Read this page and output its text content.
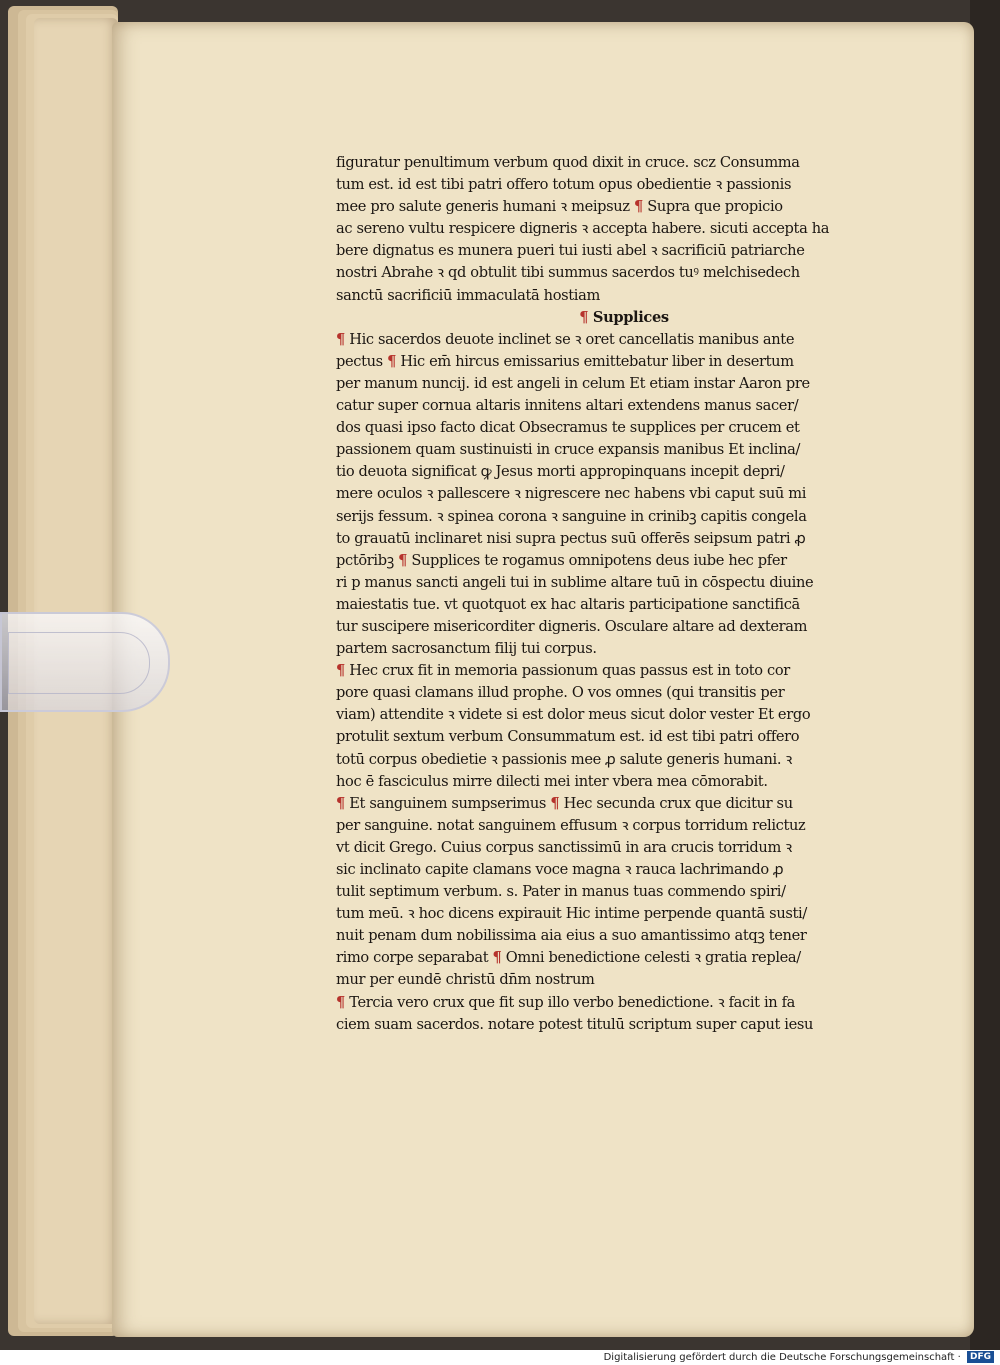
figuratur penultimum verbum quod dixit in cruce. scz Consumma
tum est. id est tibi patri offero totum opus obedientie ꝛ passionis
mee pro salute generis humani ꝛ meipsuz ¶ Supra que propicio
ac sereno vultu respicere digneris ꝛ accepta habere. sicuti accepta ha
bere dignatus es munera pueri tui iusti abel ꝛ sacrificiū patriarche
nostri Abrahe ꝛ qd obtulit tibi summus sacerdos tuꝰ melchisedech
sanctū sacrificiū immaculatā hostiam
¶ Supplices
¶ Hic sacerdos deuote inclinet se ꝛ oret cancellatis manibus ante
pectus ¶ Hic em̄ hircus emissarius emittebatur liber in desertum
per manum nuncij. id est angeli in celum Et etiam instar Aaron pre
catur super cornua altaris innitens altari extendens manus sacer/
dos quasi ipso facto dicat Obsecramus te supplices per crucem et
passionem quam sustinuisti in cruce expansis manibus Et inclina/
tio deuota significat ꝙ Jesus morti appropinquans incepit depri/
mere oculos ꝛ pallescere ꝛ nigrescere nec habens vbi caput suū mi
serijs fessum. ꝛ spinea corona ꝛ sanguine in crinibꝫ capitis congela
to grauatū inclinaret nisi supra pectus suū offerēs seipsum patri ꝓ
pctōribꝫ ¶ Supplices te rogamus omnipotens deus iube hec pfer
ri p manus sancti angeli tui in sublime altare tuū in cōspectu diuine
maiestatis tue. vt quotquot ex hac altaris participatione sanctificā
tur suscipere misericorditer digneris. Osculare altare ad dexteram
partem sacrosanctum filij tui corpus.
¶ Hec crux fit in memoria passionum quas passus est in toto cor
pore quasi clamans illud prophe. O vos omnes (qui transitis per
viam) attendite ꝛ videte si est dolor meus sicut dolor vester Et ergo
protulit sextum verbum Consummatum est. id est tibi patri offero
totū corpus obedietie ꝛ passionis mee ꝓ salute generis humani. ꝛ
hoc ē fasciculus mirre dilecti mei inter vbera mea cōmorabit.
¶ Et sanguinem sumpserimus ¶ Hec secunda crux que dicitur su
per sanguine. notat sanguinem effusum ꝛ corpus torridum relictuz
vt dicit Grego. Cuius corpus sanctissimū in ara crucis torridum ꝛ
sic inclinato capite clamans voce magna ꝛ rauca lachrimando ꝓ
tulit septimum verbum. s. Pater in manus tuas commendo spiri/
tum meū. ꝛ hoc dicens expirauit Hic intime perpende quantā susti/
nuit penam dum nobilissima aia eius a suo amantissimo atqꝫ tener
rimo corpe separabat ¶ Omni benedictione celesti ꝛ gratia replea/
mur per eundē christū dn̄m nostrum
¶ Tercia vero crux que fit sup illo verbo benedictione. ꝛ facit in fa
ciem suam sacerdos. notare potest titulū scriptum super caput iesu
Digitalisierung gefördert durch die Deutsche Forschungsgemeinschaft · DFG
